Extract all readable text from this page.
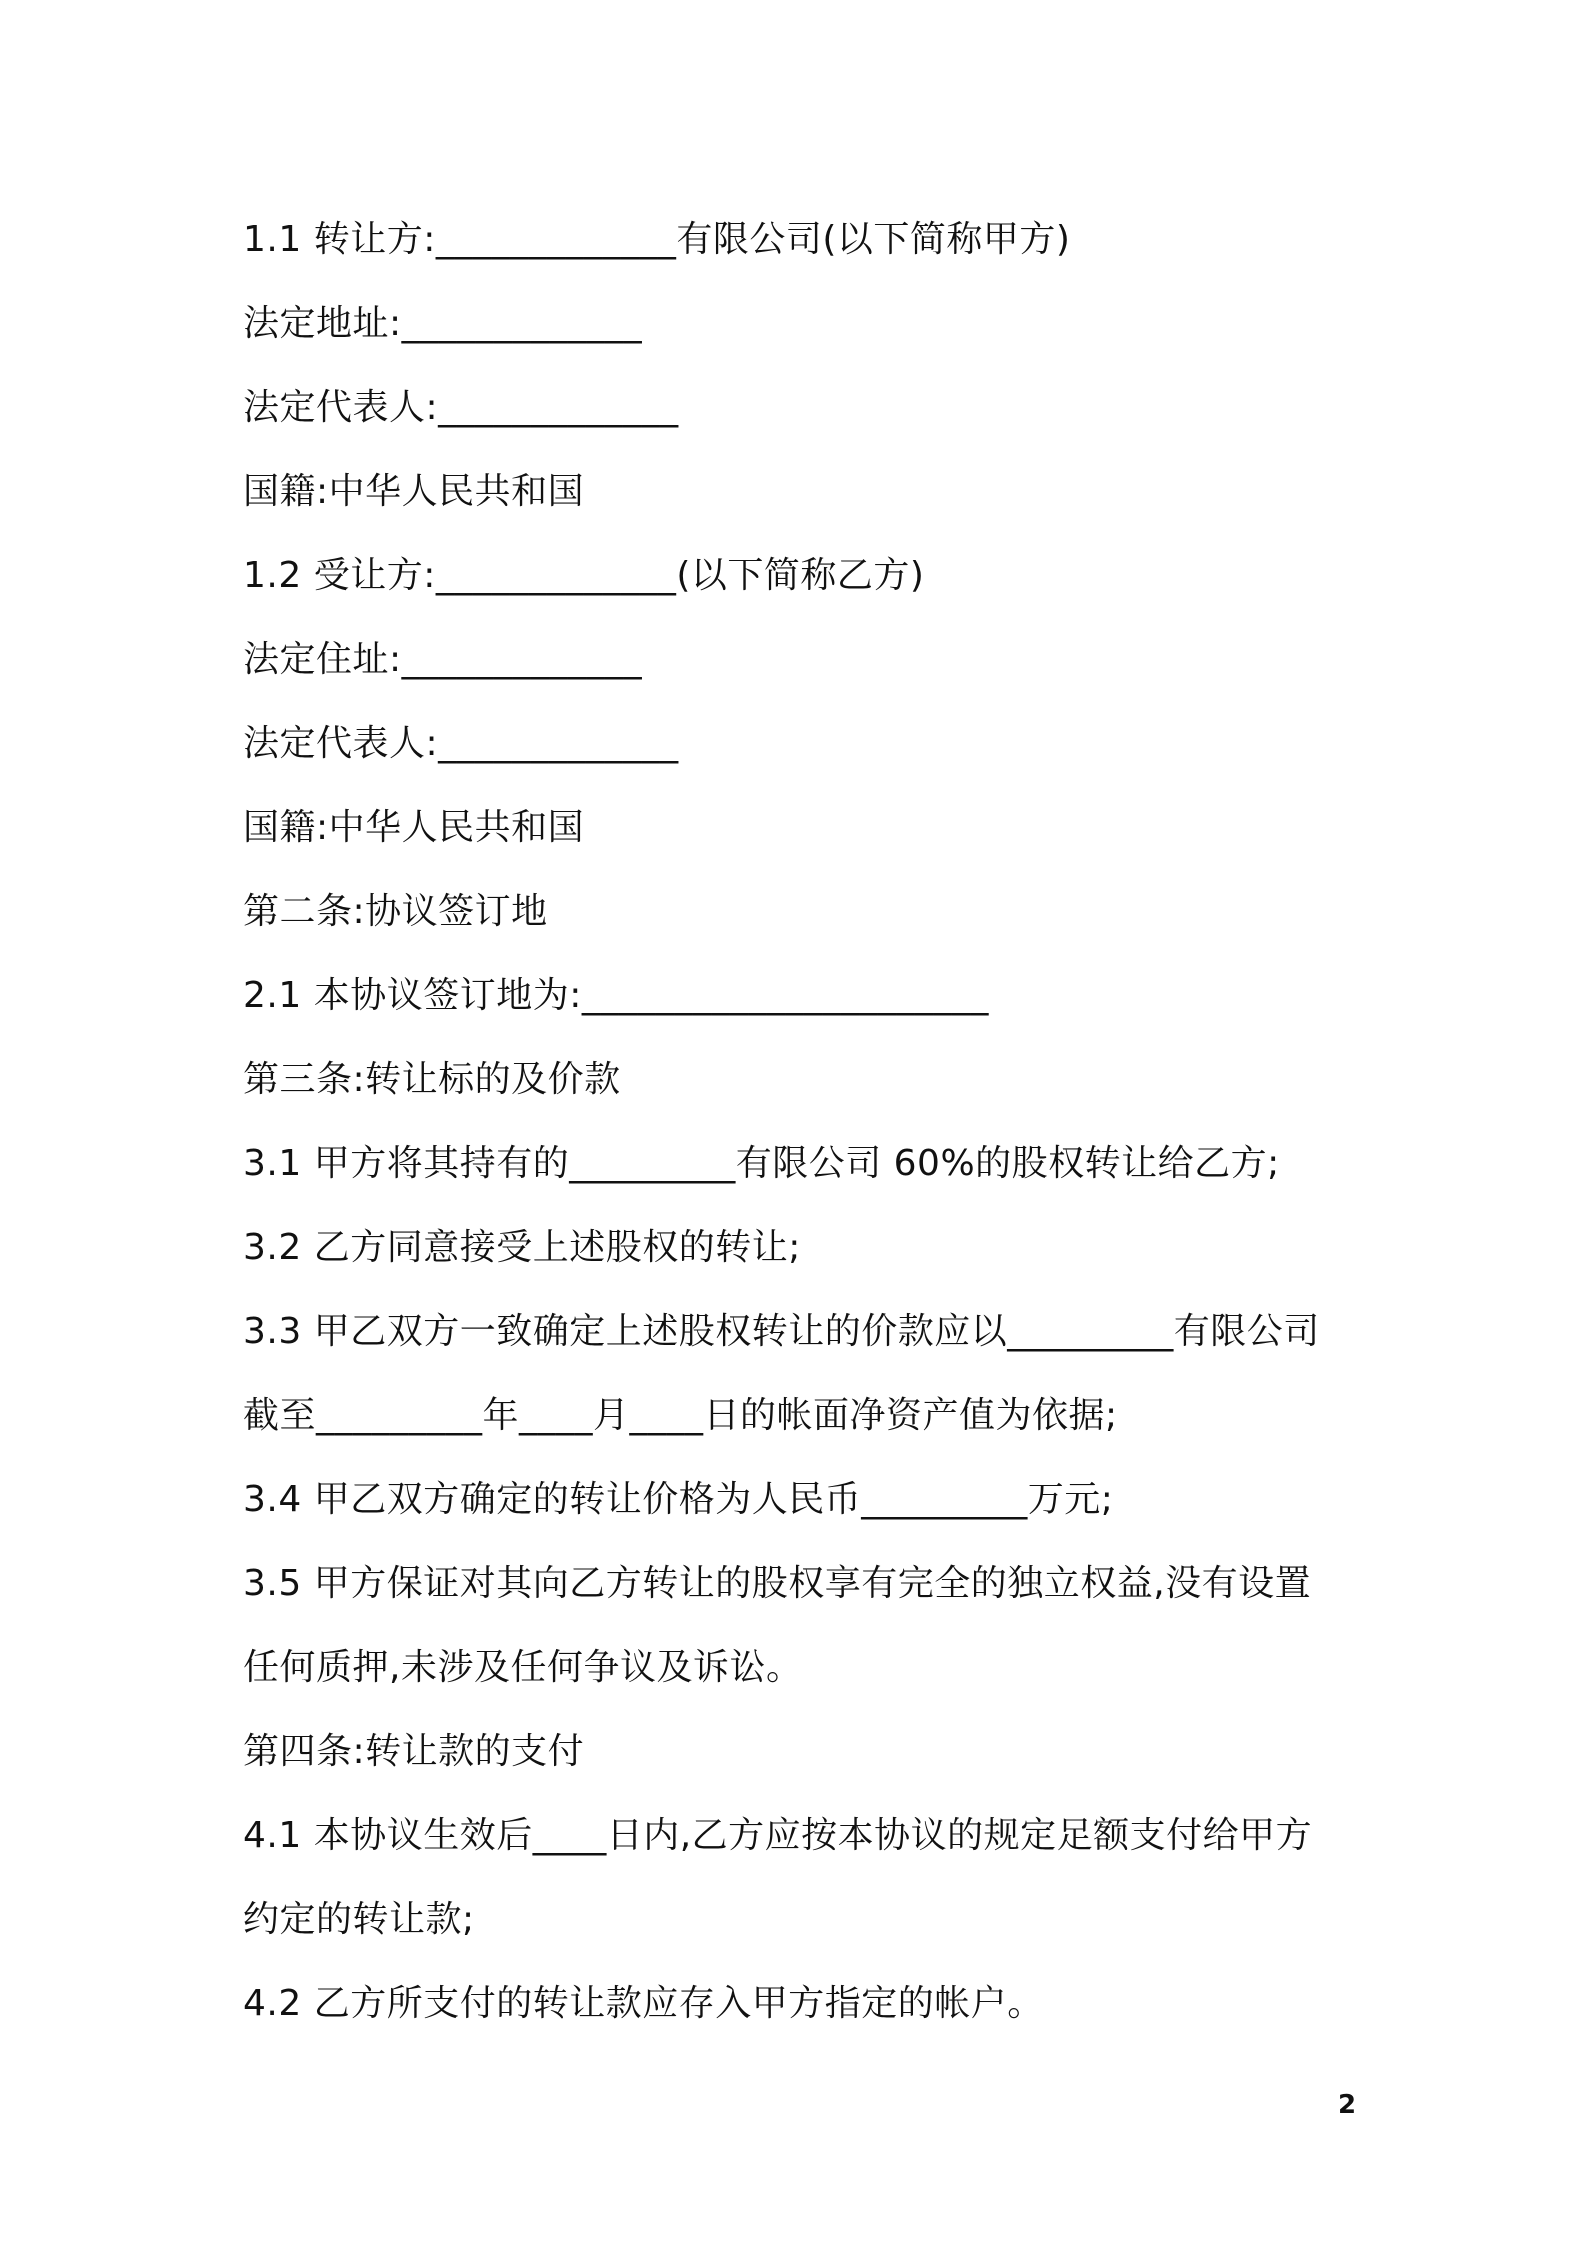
1.1 转让方:_____________有限公司(以下简称甲方)
法定地址:_____________
法定代表人:_____________
国籍:中华人民共和国
1.2 受让方:_____________(以下简称乙方)
法定住址:_____________
法定代表人:_____________
国籍:中华人民共和国
第二条:协议签订地
2.1 本协议签订地为:______________________
第三条:转让标的及价款
3.1 甲方将其持有的_________有限公司 60%的股权转让给乙方;
3.2 乙方同意接受上述股权的转让;
3.3 甲乙双方一致确定上述股权转让的价款应以_________有限公司
截至_________年____月____日的帐面净资产值为依据;
3.4 甲乙双方确定的转让价格为人民币_________万元;
3.5 甲方保证对其向乙方转让的股权享有完全的独立权益,没有设置
任何质押,未涉及任何争议及诉讼。
第四条:转让款的支付
4.1 本协议生效后____日内,乙方应按本协议的规定足额支付给甲方
约定的转让款;
4.2 乙方所支付的转让款应存入甲方指定的帐户。
2
